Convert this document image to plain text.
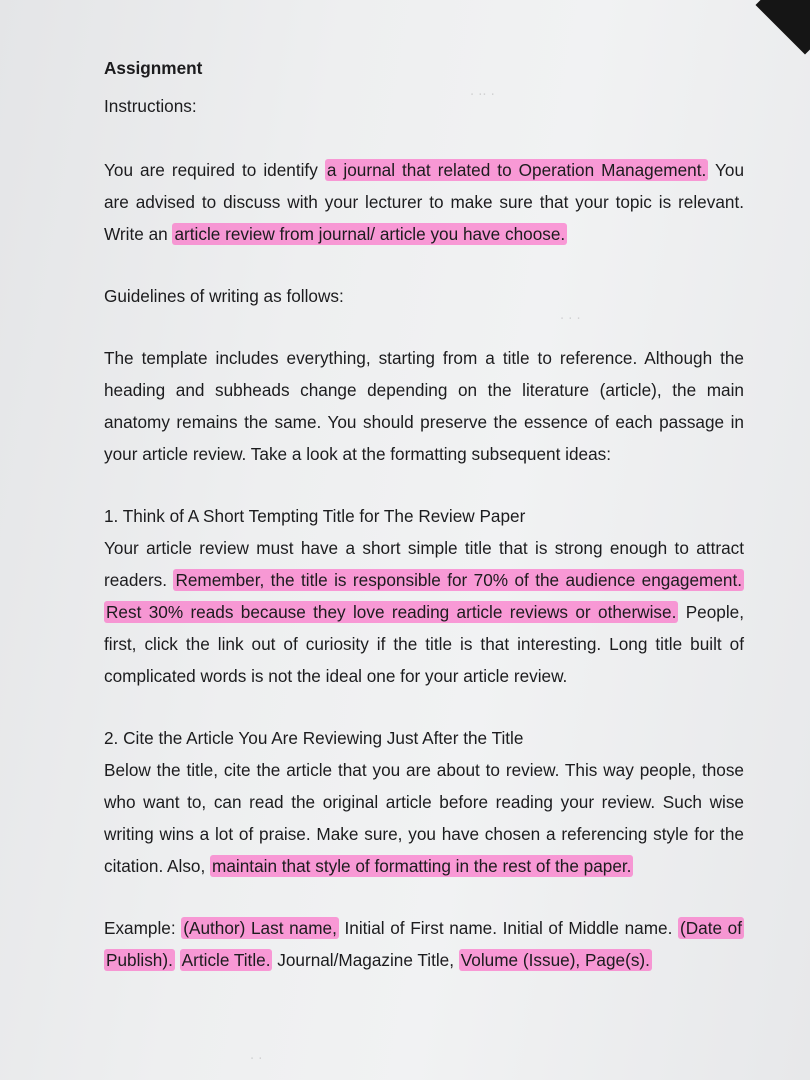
· ·· ·
· · ·
· ·

Assignment

Instructions:

You are required to identify a journal that related to Operation Management. You are advised to discuss with your lecturer to make sure that your topic is relevant. Write an article review from journal/ article you have choose.

Guidelines of writing as follows:

The template includes everything, starting from a title to reference. Although the heading and subheads change depending on the literature (article), the main anatomy remains the same. You should preserve the essence of each passage in your article review. Take a look at the formatting subsequent ideas:

1. Think of A Short Tempting Title for The Review Paper

Your article review must have a short simple title that is strong enough to attract readers. Remember, the title is responsible for 70% of the audience engagement. Rest 30% reads because they love reading article reviews or otherwise. People, first, click the link out of curiosity if the title is that interesting. Long title built of complicated words is not the ideal one for your article review.

2. Cite the Article You Are Reviewing Just After the Title

Below the title, cite the article that you are about to review. This way people, those who want to, can read the original article before reading your review. Such wise writing wins a lot of praise. Make sure, you have chosen a referencing style for the citation. Also, maintain that style of formatting in the rest of the paper.

Example: (Author) Last name, Initial of First name. Initial of Middle name. (Date of Publish). Article Title. Journal/Magazine Title, Volume (Issue), Page(s).
